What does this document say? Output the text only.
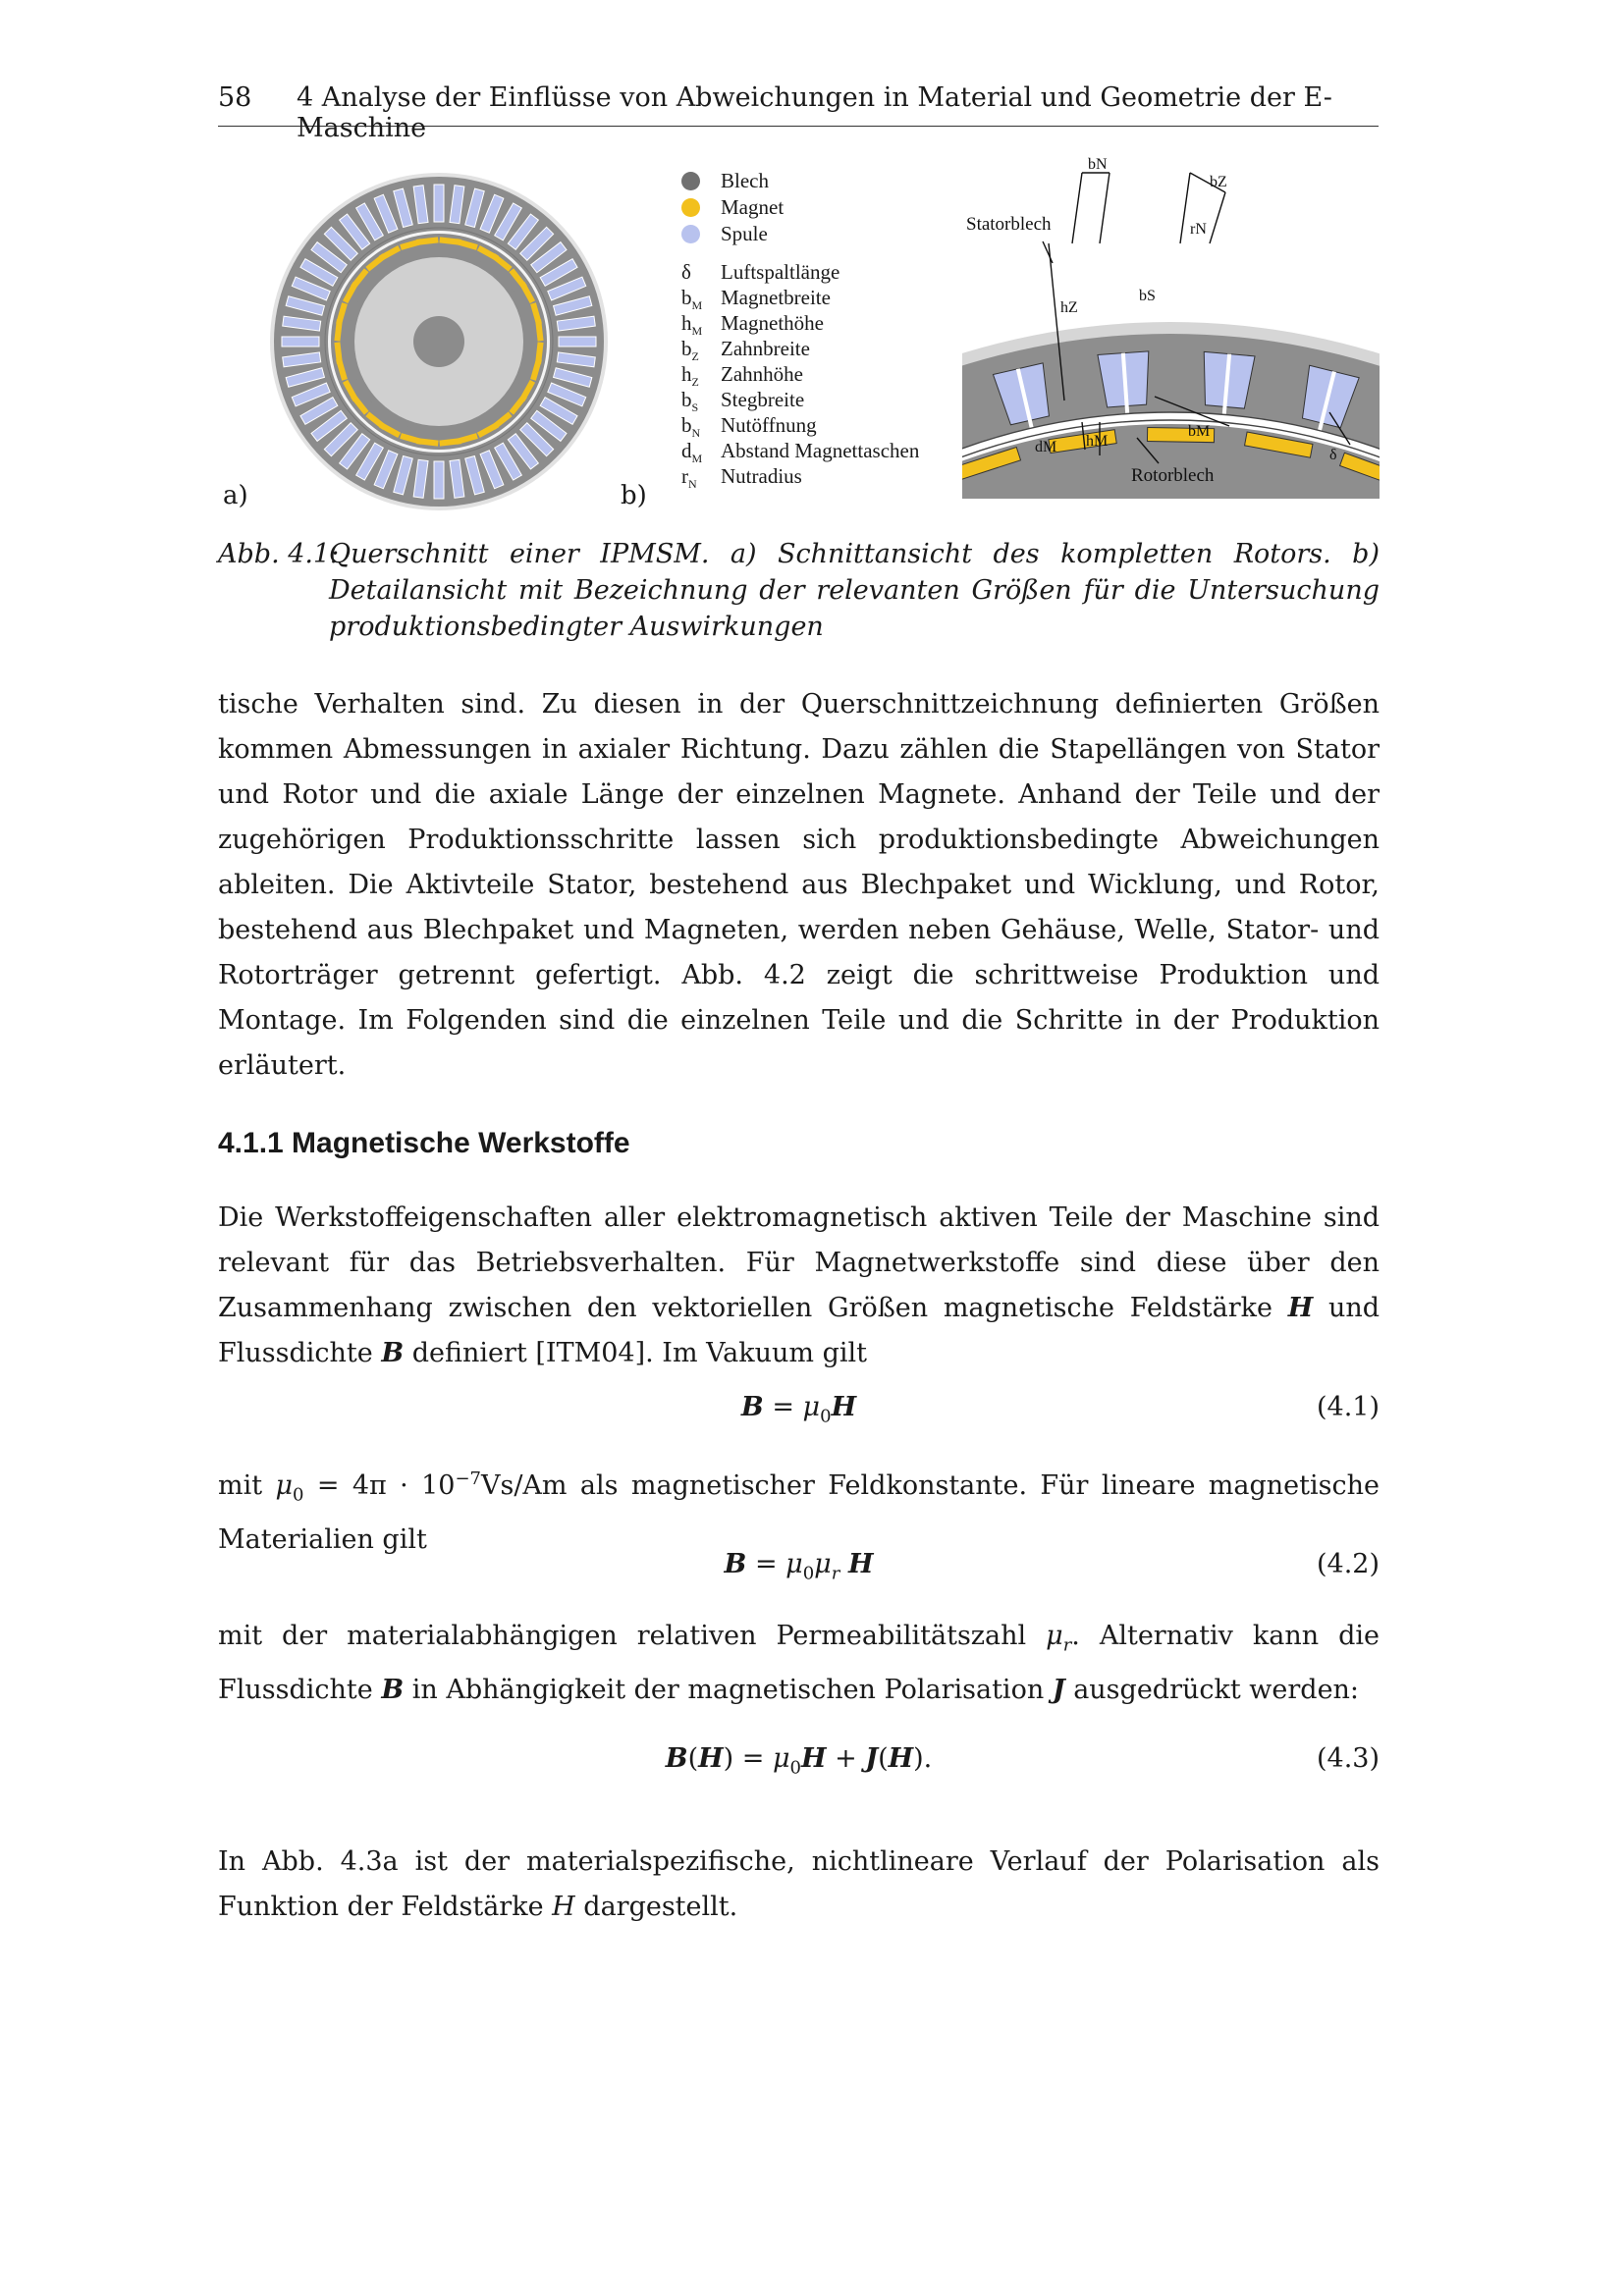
58 4 Analyse der Einflüsse von Abweichungen in Material und Geometrie der E-Maschine
a)	b)
Blech
Magnet
Spule
δ Luftspaltlänge
$b_M$ Magnetbreite
$h_M$ Magnethöhe
$b_Z$ Zahnbreite
$h_Z$ Zahnhöhe
$b_S$ Stegbreite
$b_N$ Nutöffnung
$d_M$ Abstand Magnettaschen
$r_N$ Nutradius
Statorblech
Rotorblech
bN
bZ
hZ
bS
rN
dM hM
bM
δ
Abb. 4.1:
Querschnitt einer IPMSM. a) Schnittansicht des kompletten Rotors. b) Detailansicht mit Bezeichnung der relevanten Größen für die Untersuchung produktionsbedingter Auswirkungen

tische Verhalten sind. Zu diesen in der Querschnittzeichnung definierten Größen kommen Abmessungen in axialer Richtung. Dazu zählen die Stapellängen von Stator und Rotor und die axiale Länge der einzelnen Magnete. Anhand der Teile und der zugehörigen Produktionsschritte lassen sich produktionsbedingte Abweichungen ableiten. Die Aktivteile Stator, bestehend aus Blechpaket und Wicklung, und Rotor, bestehend aus Blechpaket und Magneten, werden neben Gehäuse, Welle, Stator- und Rotorträger getrennt gefertigt. Abb. 4.2 zeigt die schrittweise Produktion und Montage. Im Folgenden sind die einzelnen Teile und die Schritte in der Produktion erläutert.

4.1.1 Magnetische Werkstoffe

Die Werkstoffeigenschaften aller elektromagnetisch aktiven Teile der Maschine sind relevant für das Betriebsverhalten. Für Magnetwerkstoffe sind diese über den Zusammenhang zwischen den vektoriellen Größen magnetische Feldstärke H und Flussdichte B definiert [ITM04]. Im Vakuum gilt

$B = \mu_0H$	(4.1)

mit $\mu_0 = 4\pi \cdot 10^{-7}Vs/Am$ als magnetischer Feldkonstante. Für lineare magnetische Materialien gilt

$B = \mu_0\mu_r$ H	(4.2)

mit der materialabhängigen relativen Permeabilitätszahl $\mu_r$. Alternativ kann die Flussdichte B in Abhängigkeit der magnetischen Polarisation J ausgedrückt werden:

$B(H) = \mu_0H + J(H)$.	(4.3)

In Abb. 4.3a ist der materialspezifische, nichtlineare Verlauf der Polarisation als Funktion der Feldstärke H dargestellt.
